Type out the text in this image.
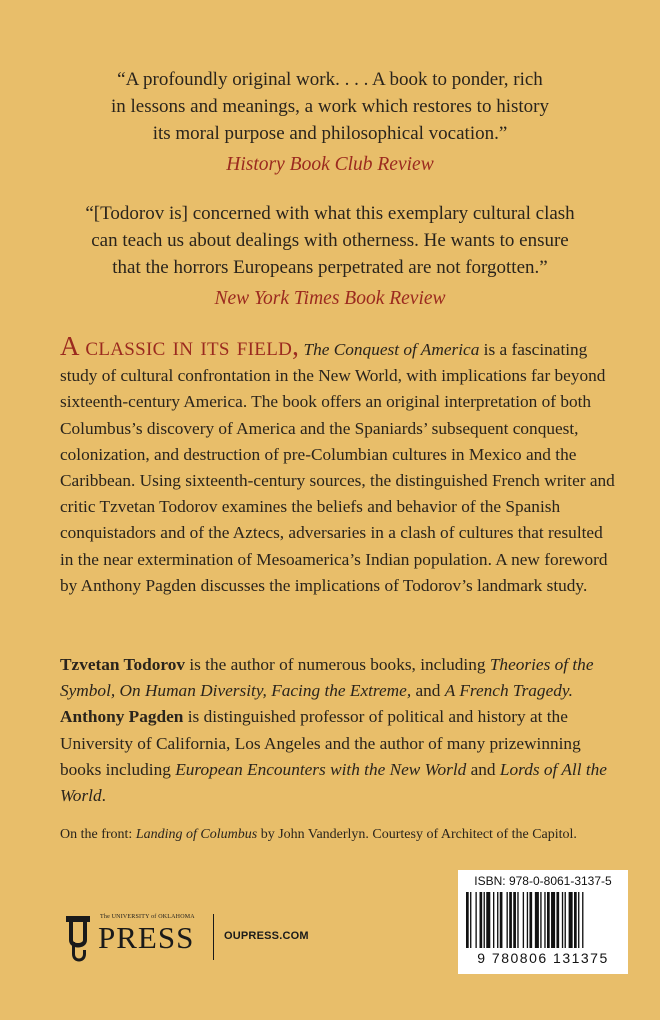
“A profoundly original work. . . . A book to ponder, rich
in lessons and meanings, a work which restores to history
its moral purpose and philosophical vocation.”
History Book Club Review
“[Todorov is] concerned with what this exemplary cultural clash
can teach us about dealings with otherness. He wants to ensure
that the horrors Europeans perpetrated are not forgotten.”
New York Times Book Review
A classic in its field, The Conquest of America is a fascinating study of cultural confrontation in the New World, with implications far beyond sixteenth-century America. The book offers an original interpretation of both Columbus’s discovery of America and the Spaniards’ subsequent conquest, colonization, and destruction of pre-Columbian cultures in Mexico and the Caribbean. Using sixteenth-century sources, the distinguished French writer and critic Tzvetan Todorov examines the beliefs and behavior of the Spanish conquistadors and of the Aztecs, adversaries in a clash of cultures that resulted in the near extermination of Mesoamerica’s Indian population. A new foreword by Anthony Pagden discusses the implications of Todorov’s landmark study.
Tzvetan Todorov is the author of numerous books, including Theories of the Symbol, On Human Diversity, Facing the Extreme, and A French Tragedy.
Anthony Pagden is distinguished professor of political and history at the University of California, Los Angeles and the author of many prizewinning books including European Encounters with the New World and Lords of All the World.
On the front: Landing of Columbus by John Vanderlyn. Courtesy of Architect of the Capitol.
The UNIVERSITY of OKLAHOMA
PRESS	OUPRESS.COM
ISBN: 978-0-8061-3137-5
9 780806 131375
